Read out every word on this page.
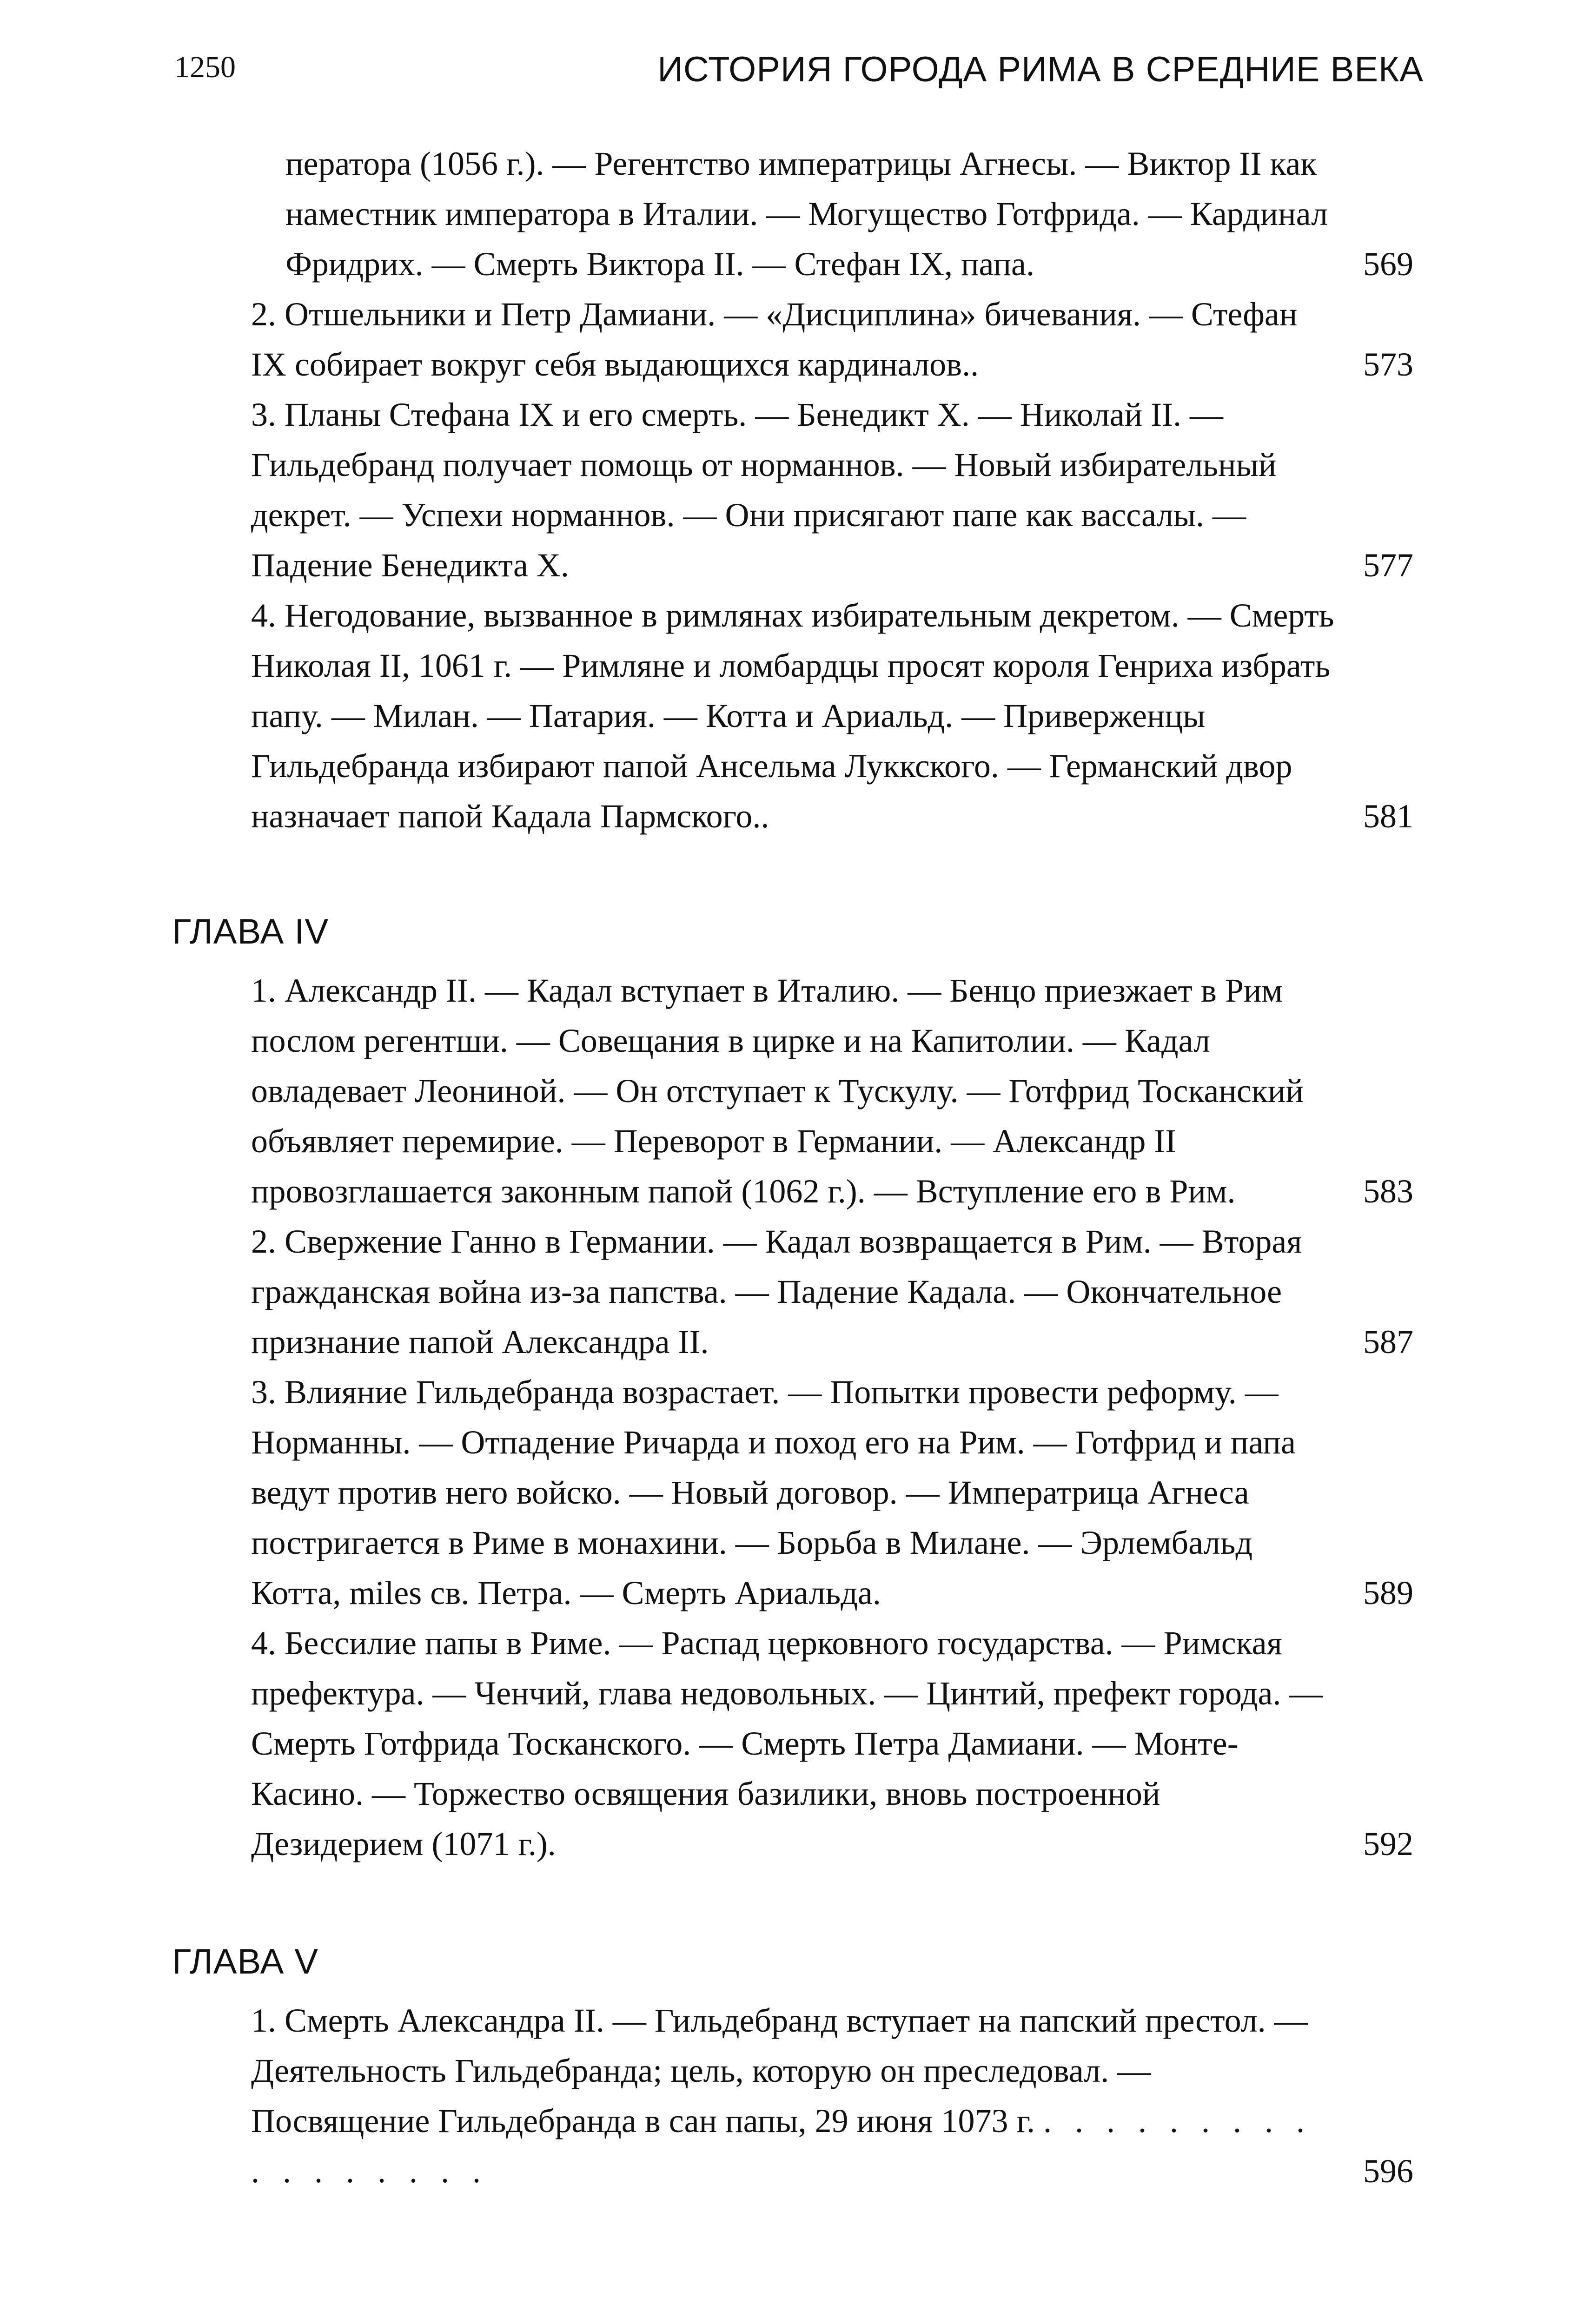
1250	ИСТОРИЯ ГОРОДА РИМА В СРЕДНИЕ ВЕКА
ператора (1056 г.). — Регентство императрицы Агнесы. — Виктор II как наместник императора в Италии. — Могущество Готфрида. — Кардинал Фридрих. — Смерть Виктора II. — Стефан IX, папа.	569
2. Отшельники и Петр Дамиани. — «Дисциплина» бичевания. — Стефан IX собирает вокруг себя выдающихся кардиналов..	573
3. Планы Стефана IX и его смерть. — Бенедикт X. — Николай II. — Гильдебранд получает помощь от норманнов. — Новый избирательный декрет. — Успехи норманнов. — Они присягают папе как вассалы. — Падение Бенедикта X.	577
4. Негодование, вызванное в римлянах избирательным декретом. — Смерть Николая II, 1061 г. — Римляне и ломбардцы просят короля Генриха избрать папу. — Милан. — Патария. — Котта и Ариальд. — Приверженцы Гильдебранда избирают папой Ансельма Луккского. — Германский двор назначает папой Кадала Пармского..	581
ГЛАВА IV
1. Александр II. — Кадал вступает в Италию. — Бенцо приезжает в Рим послом регентши. — Совещания в цирке и на Капитолии. — Кадал овладевает Леониной. — Он отступает к Тускулу. — Готфрид Тосканский объявляет перемирие. — Переворот в Германии. — Александр II провозглашается законным папой (1062 г.). — Вступление его в Рим.	583
2. Свержение Ганно в Германии. — Кадал возвращается в Рим. — Вторая гражданская война из-за папства. — Падение Кадала. — Окончательное признание папой Александра II.	587
3. Влияние Гильдебранда возрастает. — Попытки провести реформу. — Норманны. — Отпадение Ричарда и поход его на Рим. — Готфрид и папа ведут против него войско. — Новый договор. — Императрица Агнеса постригается в Риме в монахини. — Борьба в Милане. — Эрлембальд Котта, miles св. Петра. — Смерть Ариальда.	589
4. Бессилие папы в Риме. — Распад церковного государства. — Римская префектура. — Ченчий, глава недовольных. — Цинтий, префект города. — Смерть Готфрида Тосканского. — Смерть Петра Дамиани. — Монте-Касино. — Торжество освящения базилики, вновь построенной Дезидерием (1071 г.).	592
ГЛАВА V
1. Смерть Александра II. — Гильдебранд вступает на папский престол. — Деятельность Гильдебранда; цель, которую он преследовал. — Посвящение Гильдебранда в сан папы, 29 июня 1073 г. . . . . . . . . . . . . . . . . .	596
